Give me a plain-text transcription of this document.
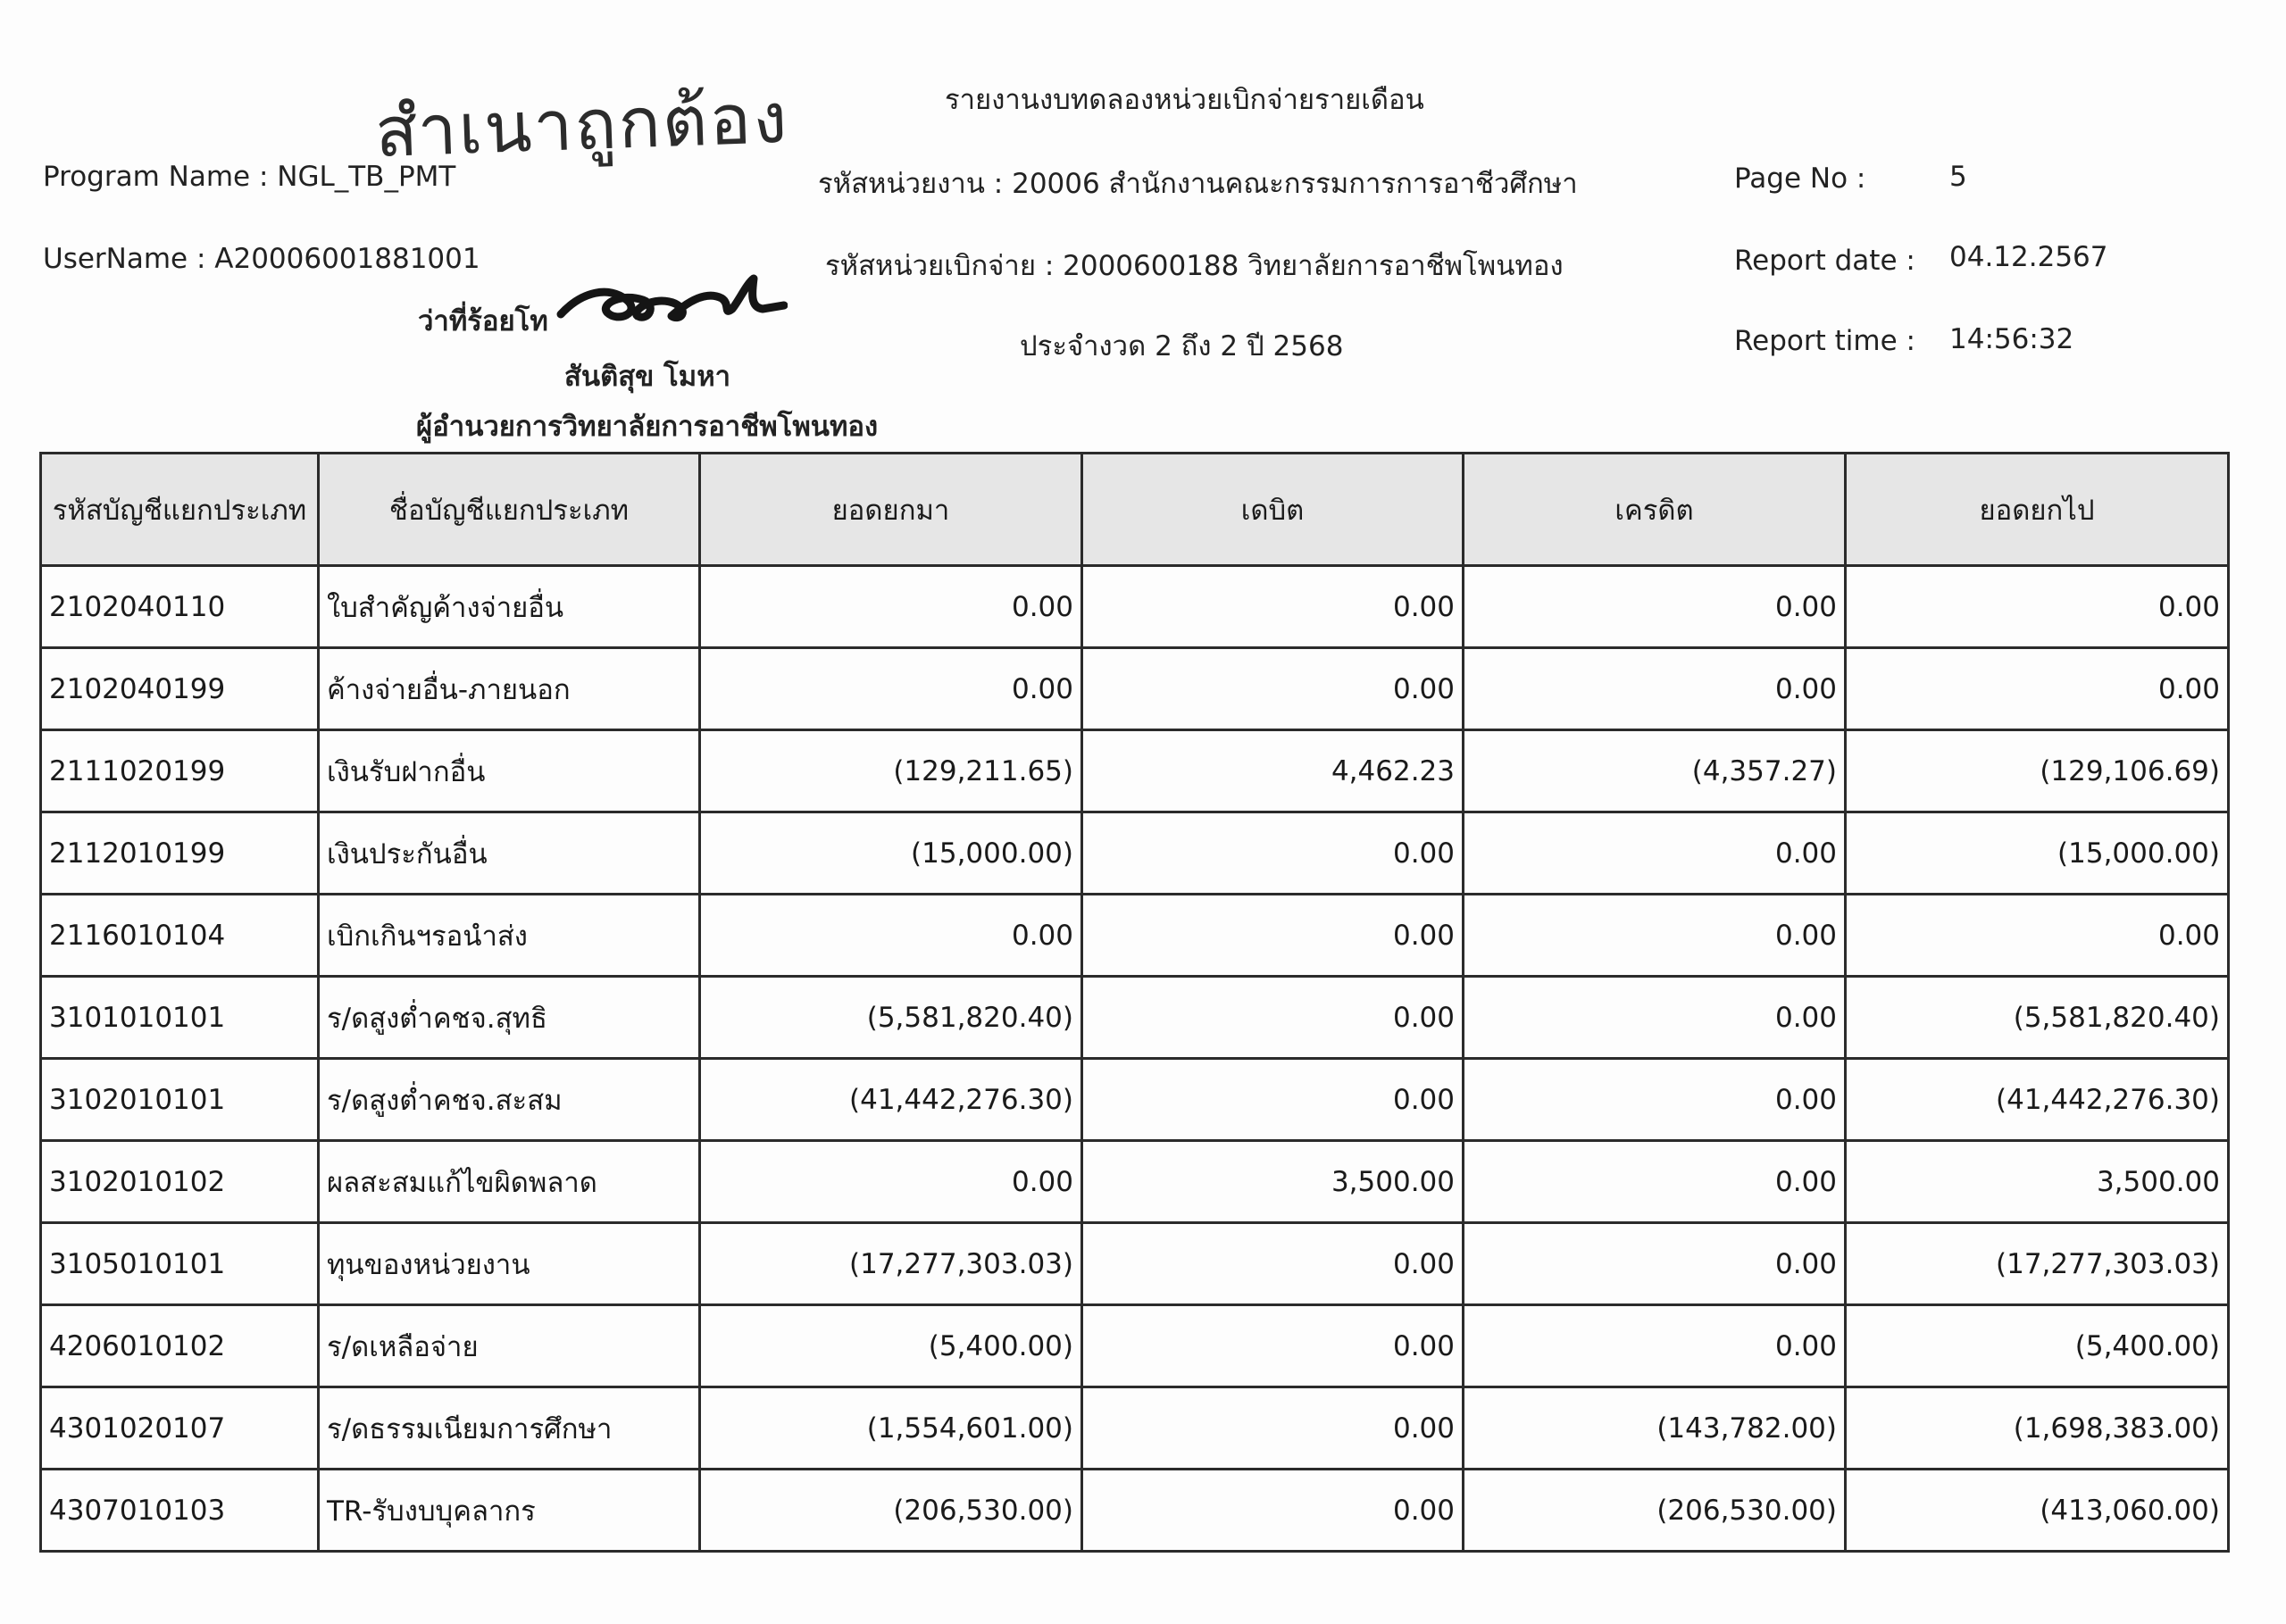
สำเนาถูกต้อง	รายงานงบทดลองหน่วยเบิกจ่ายรายเดือน
Program Name : NGL_TB_PMT	รหัสหน่วยงาน : 20006 สำนักงานคณะกรรมการการอาชีวศึกษา	Page No :	5
UserName : A20006001881001	รหัสหน่วยเบิกจ่าย : 2000600188 วิทยาลัยการอาชีพโพนทอง	Report date : 04.12.2567
ประจำงวด 2 ถึง 2 ปี 2568	Report time : 14:56:32
ว่าที่ร้อยโท
สันติสุข โมหา
ผู้อำนวยการวิทยาลัยการอาชีพโพนทอง
รหัสบัญชีแยกประเภท	ชื่อบัญชีแยกประเภท	ยอดยกมา	เดบิต	เครดิต	ยอดยกไป
2102040110	ใบสำคัญค้างจ่ายอื่น	0.00	0.00	0.00	0.00
2102040199	ค้างจ่ายอื่น-ภายนอก	0.00	0.00	0.00	0.00
2111020199	เงินรับฝากอื่น	(129,211.65)	4,462.23	(4,357.27)	(129,106.69)
2112010199	เงินประกันอื่น	(15,000.00)	0.00	0.00	(15,000.00)
2116010104	เบิกเกินฯรอนำส่ง	0.00	0.00	0.00	0.00
3101010101	ร/ดสูงต่ำคชจ.สุทธิ	(5,581,820.40)	0.00	0.00	(5,581,820.40)
3102010101	ร/ดสูงต่ำคชจ.สะสม	(41,442,276.30)	0.00	0.00	(41,442,276.30)
3102010102	ผลสะสมแก้ไขผิดพลาด	0.00	3,500.00	0.00	3,500.00
3105010101	ทุนของหน่วยงาน	(17,277,303.03)	0.00	0.00	(17,277,303.03)
4206010102	ร/ดเหลือจ่าย	(5,400.00)	0.00	0.00	(5,400.00)
4301020107	ร/ดธรรมเนียมการศึกษา	(1,554,601.00)	0.00	(143,782.00)	(1,698,383.00)
4307010103	TR-รับงบบุคลากร	(206,530.00)	0.00	(206,530.00)	(413,060.00)
